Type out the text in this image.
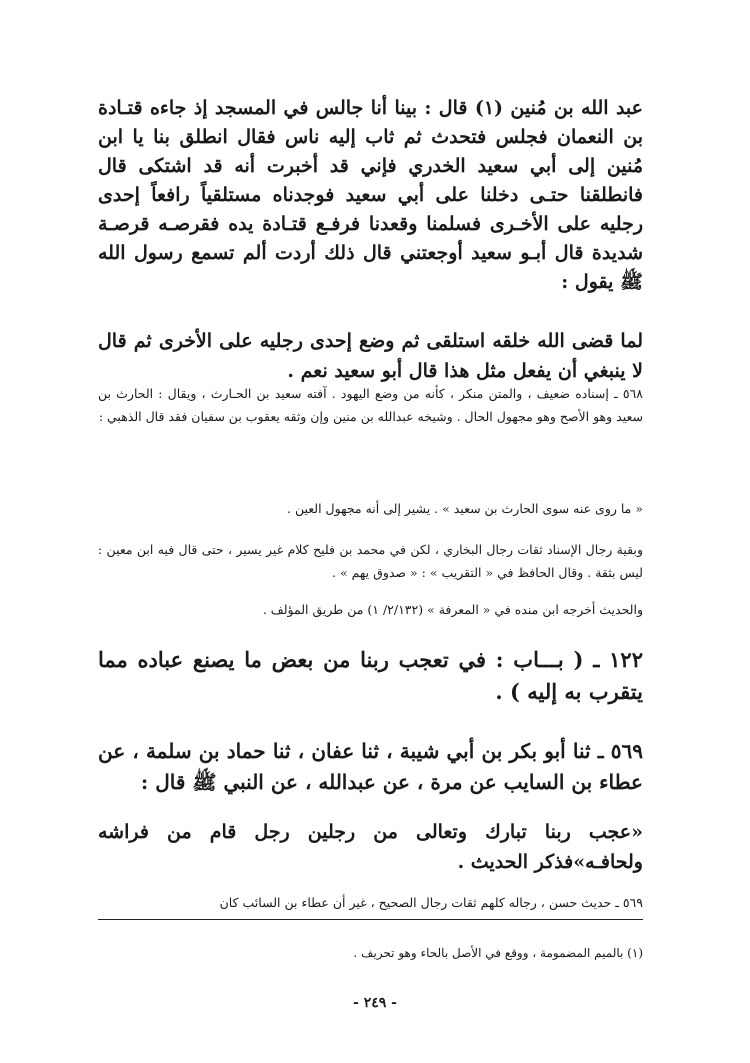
عبد الله بن مُنين (١) قال : بينا أنا جالس في المسجد إذ جاءه قتـادة بن النعمان فجلس فتحدث ثم ثاب إليه ناس فقال انطلق بنا يا ابن مُنين إلى أبي سعيد الخدري فإني قد أخبرت أنه قد اشتكى قال فانطلقنا حتـى دخلنا على أبي سعيد فوجدناه مستلقياً رافعاً إحدى رجليه على الأخـرى فسلمنا وقعدنا فرفـع قتـادة يده فقرصـه قرصـة شديدة قال أبـو سعيد أوجعتني قال ذلك أردت ألم تسمع رسول الله ﷺ يقول :
لما قضى الله خلقه استلقى ثم وضع إحدى رجليه على الأخرى ثم قال لا ينبغي أن يفعل مثل هذا قال أبو سعيد نعم .
٥٦٨ ـ إسناده ضعيف ، والمتن منكر ، كأنه من وضع اليهود . آفته سعيد بن الحـارث ، ويقال : الحارث بن سعيد وهو الأصح وهو مجهول الحال . وشيخه عبدالله بن منين وإن وثقه يعقوب بن سفيان فقد قال الذهبي :
« ما روى عنه سوى الحارث بن سعيد » . يشير إلى أنه مجهول العين .
وبقية رجال الإسناد ثقات رجال البخاري ، لكن في محمد بن فليح كلام غير يسير ، حتى قال فيه ابن معين : ليس بثقة . وقال الحافظ في « التقريب » : « صدوق يهم » .
والحديث أخرجه ابن منده في « المعرفة » (٢/١٣٢/ ١) من طريق المؤلف .
١٢٢ ـ ( بـــاب : في تعجب ربنا من بعض ما يصنع عباده مما يتقرب به إليه ) .
٥٦٩ ـ ثنا أبو بكر بن أبي شيبة ، ثنا عفان ، ثنا حماد بن سلمة ، عن عطاء بن السايب عن مرة ، عن عبدالله ، عن النبي ﷺ قال :
«عجب ربنا تبارك وتعالى من رجلين رجل قام من فراشه ولحافـه»فذكر الحديث .
٥٦٩ ـ حديث حسن ، رجاله كلهم ثقات رجال الصحيح ، غير أن عطاء بن السائب كان
(١) بالميم المضمومة ، ووقع في الأصل بالحاء وهو تحريف .
- ٢٤٩ -
